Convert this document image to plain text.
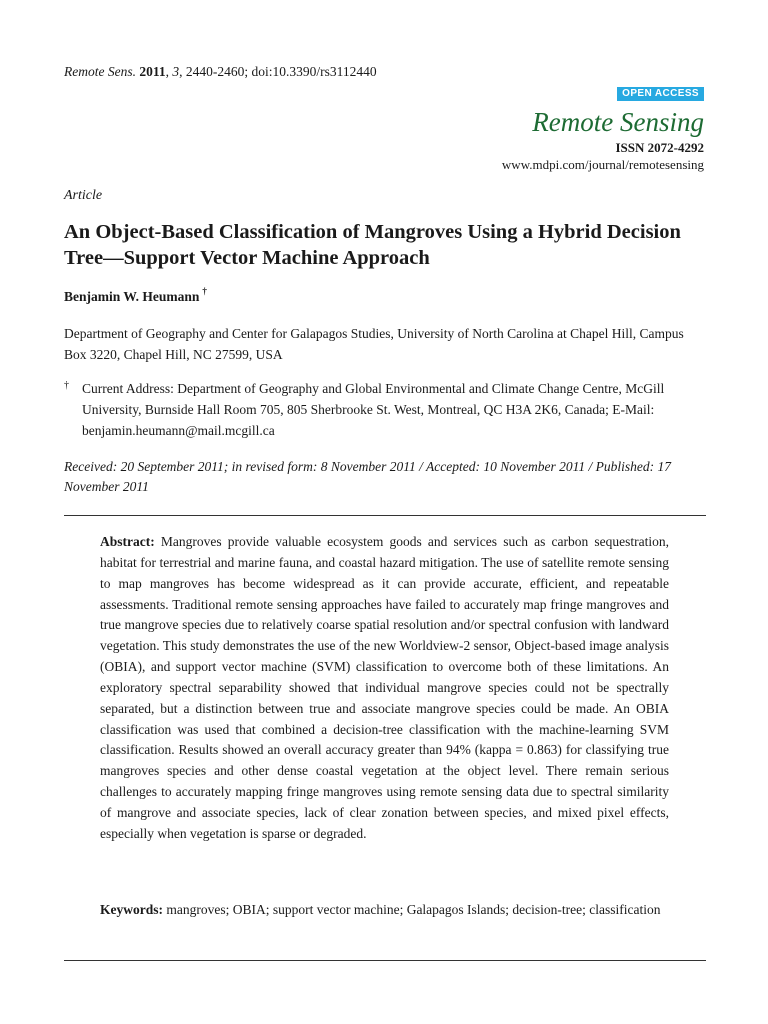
Remote Sens. 2011, 3, 2440-2460; doi:10.3390/rs3112440
OPEN ACCESS
Remote Sensing
ISSN 2072-4292
www.mdpi.com/journal/remotesensing
Article
An Object-Based Classification of Mangroves Using a Hybrid Decision Tree—Support Vector Machine Approach
Benjamin W. Heumann †
Department of Geography and Center for Galapagos Studies, University of North Carolina at Chapel Hill, Campus Box 3220, Chapel Hill, NC 27599, USA
† Current Address: Department of Geography and Global Environmental and Climate Change Centre, McGill University, Burnside Hall Room 705, 805 Sherbrooke St. West, Montreal, QC H3A 2K6, Canada; E-Mail: benjamin.heumann@mail.mcgill.ca
Received: 20 September 2011; in revised form: 8 November 2011 / Accepted: 10 November 2011 / Published: 17 November 2011
Abstract: Mangroves provide valuable ecosystem goods and services such as carbon sequestration, habitat for terrestrial and marine fauna, and coastal hazard mitigation. The use of satellite remote sensing to map mangroves has become widespread as it can provide accurate, efficient, and repeatable assessments. Traditional remote sensing approaches have failed to accurately map fringe mangroves and true mangrove species due to relatively coarse spatial resolution and/or spectral confusion with landward vegetation. This study demonstrates the use of the new Worldview-2 sensor, Object-based image analysis (OBIA), and support vector machine (SVM) classification to overcome both of these limitations. An exploratory spectral separability showed that individual mangrove species could not be spectrally separated, but a distinction between true and associate mangrove species could be made. An OBIA classification was used that combined a decision-tree classification with the machine-learning SVM classification. Results showed an overall accuracy greater than 94% (kappa = 0.863) for classifying true mangroves species and other dense coastal vegetation at the object level. There remain serious challenges to accurately mapping fringe mangroves using remote sensing data due to spectral similarity of mangrove and associate species, lack of clear zonation between species, and mixed pixel effects, especially when vegetation is sparse or degraded.
Keywords: mangroves; OBIA; support vector machine; Galapagos Islands; decision-tree; classification
